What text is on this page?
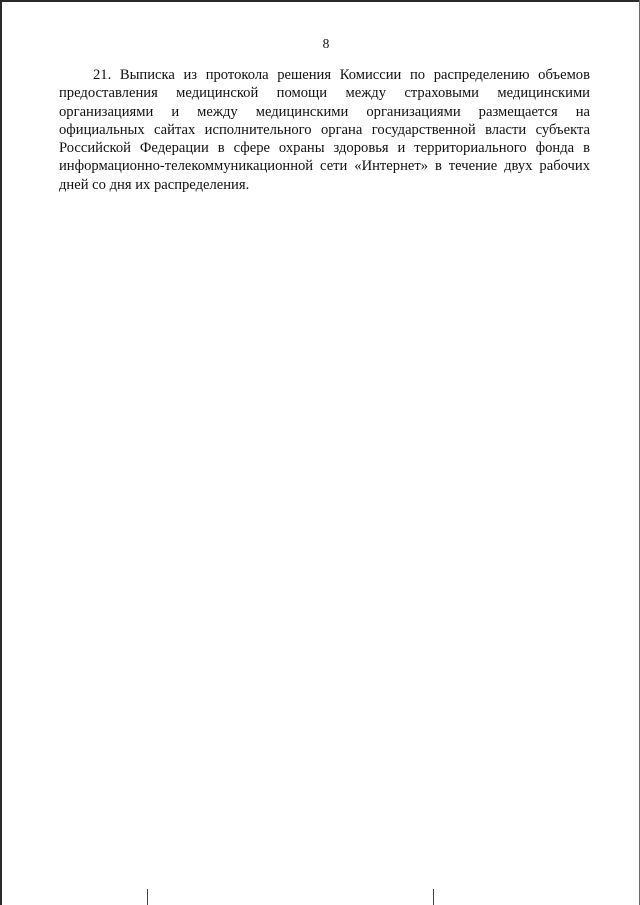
8

21. Выписка из протокола решения Комиссии по распределению объемов предоставления медицинской помощи между страховыми медицинскими организациями и между медицинскими организациями размещается на официальных сайтах исполнительного органа государственной власти субъекта Российской Федерации в сфере охраны здоровья и территориального фонда в информационно-телекоммуникационной сети «Интернет» в течение двух рабочих дней со дня их распределения.
